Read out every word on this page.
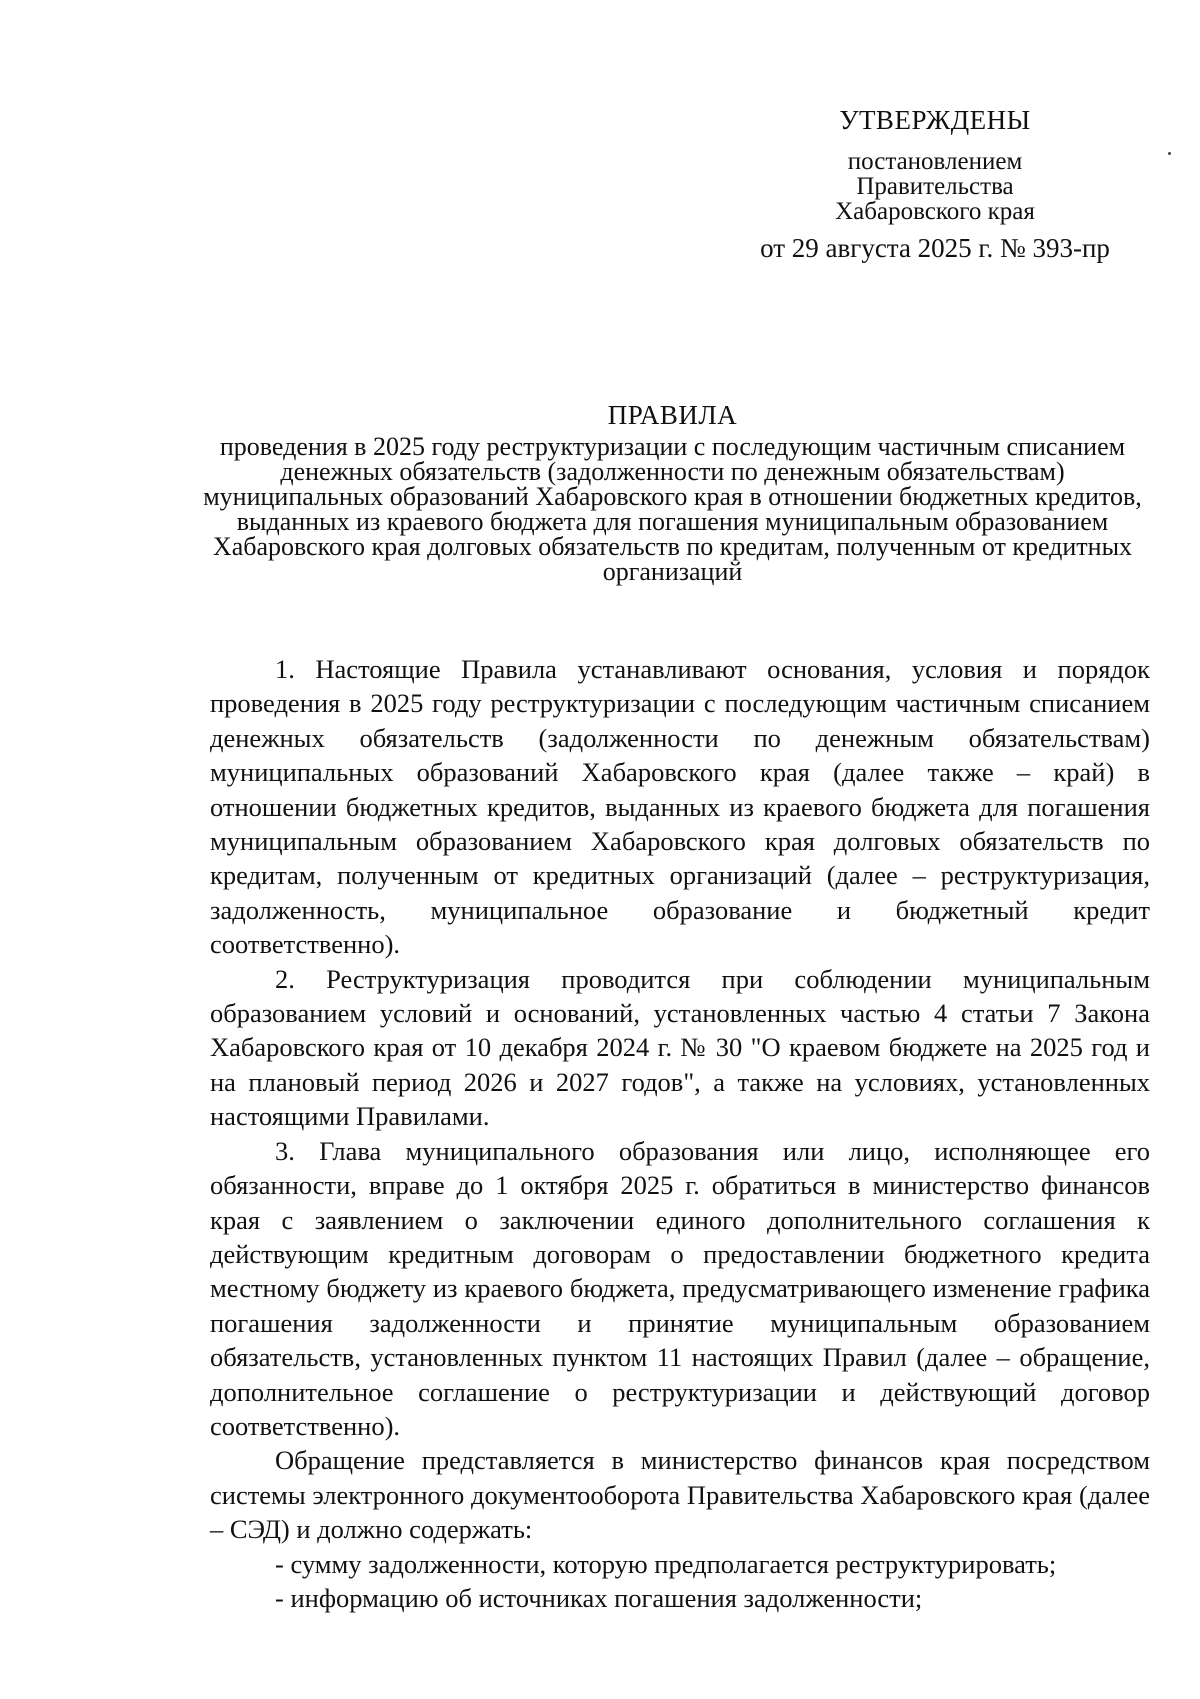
УТВЕРЖДЕНЫ
постановлением
Правительства
Хабаровского края
от 29 августа 2025 г. № 393-пр
ПРАВИЛА
проведения в 2025 году реструктуризации с последующим частичным списанием денежных обязательств (задолженности по денежным обязательствам) муниципальных образований Хабаровского края в отношении бюджетных кредитов, выданных из краевого бюджета для погашения муниципальным образованием Хабаровского края долговых обязательств по кредитам, полученным от кредитных организаций

1. Настоящие Правила устанавливают основания, условия и порядок проведения в 2025 году реструктуризации с последующим частичным списанием денежных обязательств (задолженности по денежным обязательствам) муниципальных образований Хабаровского края (далее также – край) в отношении бюджетных кредитов, выданных из краевого бюджета для погашения муниципальным образованием Хабаровского края долговых обязательств по кредитам, полученным от кредитных организаций (далее – реструктуризация, задолженность, муниципальное образование и бюджетный кредит соответственно).

2. Реструктуризация проводится при соблюдении муниципальным образованием условий и оснований, установленных частью 4 статьи 7 Закона Хабаровского края от 10 декабря 2024 г. № 30 "О краевом бюджете на 2025 год и на плановый период 2026 и 2027 годов", а также на условиях, установленных настоящими Правилами.

3. Глава муниципального образования или лицо, исполняющее его обязанности, вправе до 1 октября 2025 г. обратиться в министерство финансов края с заявлением о заключении единого дополнительного соглашения к действующим кредитным договорам о предоставлении бюджетного кредита местному бюджету из краевого бюджета, предусматривающего изменение графика погашения задолженности и принятие муниципальным образованием обязательств, установленных пунктом 11 настоящих Правил (далее – обращение, дополнительное соглашение о реструктуризации и действующий договор соответственно).

Обращение представляется в министерство финансов края посредством системы электронного документооборота Правительства Хабаровского края (далее – СЭД) и должно содержать:

- сумму задолженности, которую предполагается реструктурировать;

- информацию об источниках погашения задолженности;
